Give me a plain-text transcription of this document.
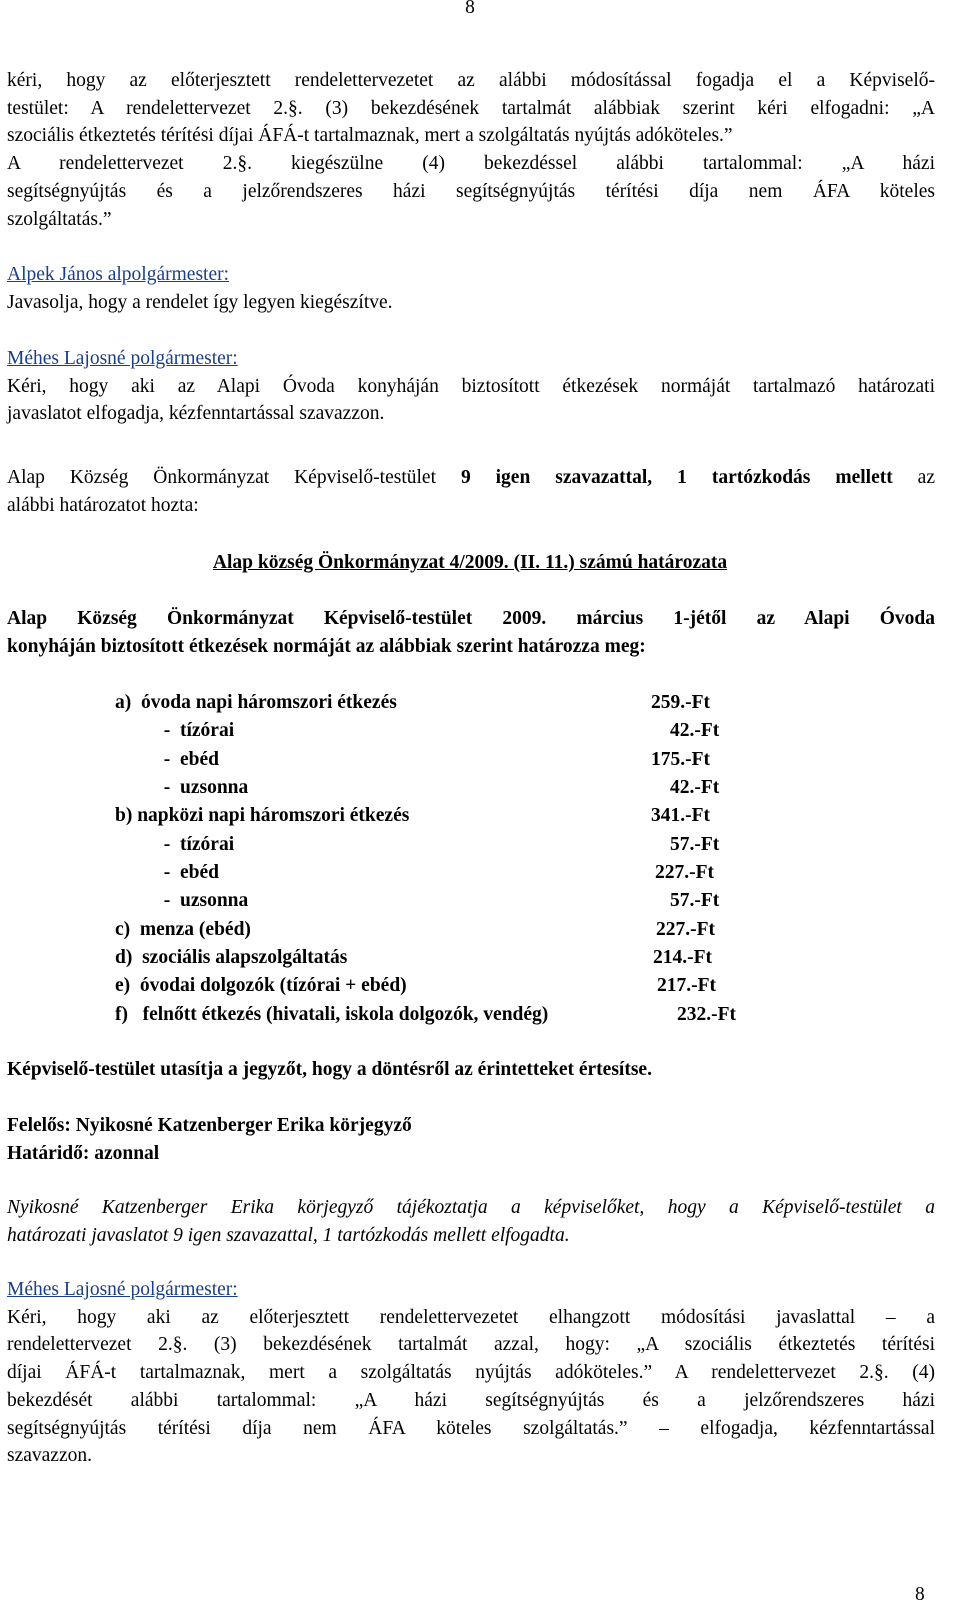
8
kéri, hogy az előterjesztett rendelettervezetet az alábbi módosítással fogadja el a Képviselő-
testület: A rendelettervezet 2.§. (3) bekezdésének tartalmát alábbiak szerint kéri elfogadni: „A
szociális étkeztetés térítési díjai ÁFÁ-t tartalmaznak, mert a szolgáltatás nyújtás adóköteles.”
A rendelettervezet 2.§. kiegészülne (4) bekezdéssel alábbi tartalommal: „A házi
segítségnyújtás és a jelzőrendszeres házi segítségnyújtás térítési díja nem ÁFA köteles
szolgáltatás.”
Alpek János alpolgármester:
Javasolja, hogy a rendelet így legyen kiegészítve.
Méhes Lajosné polgármester:
Kéri, hogy aki az Alapi Óvoda konyháján biztosított étkezések normáját tartalmazó határozati
javaslatot elfogadja, kézfenntartással szavazzon.
Alap Község Önkormányzat Képviselő-testület 9 igen szavazattal, 1 tartózkodás mellett az
alábbi határozatot hozta:
Alap község Önkormányzat 4/2009. (II. 11.) számú határozata
Alap Község Önkormányzat Képviselő-testület 2009. március 1-jétől az Alapi Óvoda
konyháján biztosított étkezések normáját az alábbiak szerint határozza meg:
a)  óvoda napi háromszori étkezés	259.-Ft
-  tízórai	42.-Ft
-  ebéd	175.-Ft
-  uzsonna	42.-Ft
b) napközi napi háromszori étkezés	341.-Ft
-  tízórai	57.-Ft
-  ebéd	227.-Ft
-  uzsonna	57.-Ft
c)  menza (ebéd)	227.-Ft
d)  szociális alapszolgáltatás	214.-Ft
e)  óvodai dolgozók (tízórai + ebéd)	217.-Ft
f)   felnőtt étkezés (hivatali, iskola dolgozók, vendég)	232.-Ft
Képviselő-testület utasítja a jegyzőt, hogy a döntésről az érintetteket értesítse.
Felelős: Nyikosné Katzenberger Erika körjegyző
Határidő: azonnal
Nyikosné Katzenberger Erika körjegyző tájékoztatja a képviselőket, hogy a Képviselő-testület a
határozati javaslatot 9 igen szavazattal, 1 tartózkodás mellett elfogadta.
Méhes Lajosné polgármester:
Kéri, hogy aki az előterjesztett rendelettervezetet elhangzott módosítási javaslattal – a
rendelettervezet 2.§. (3) bekezdésének tartalmát azzal, hogy: „A szociális étkeztetés térítési
díjai ÁFÁ-t tartalmaznak, mert a szolgáltatás nyújtás adóköteles.” A rendelettervezet 2.§. (4)
bekezdését alábbi tartalommal: „A házi segítségnyújtás és a jelzőrendszeres házi
segítségnyújtás térítési díja nem ÁFA köteles szolgáltatás.” – elfogadja, kézfenntartással
szavazzon.
8
